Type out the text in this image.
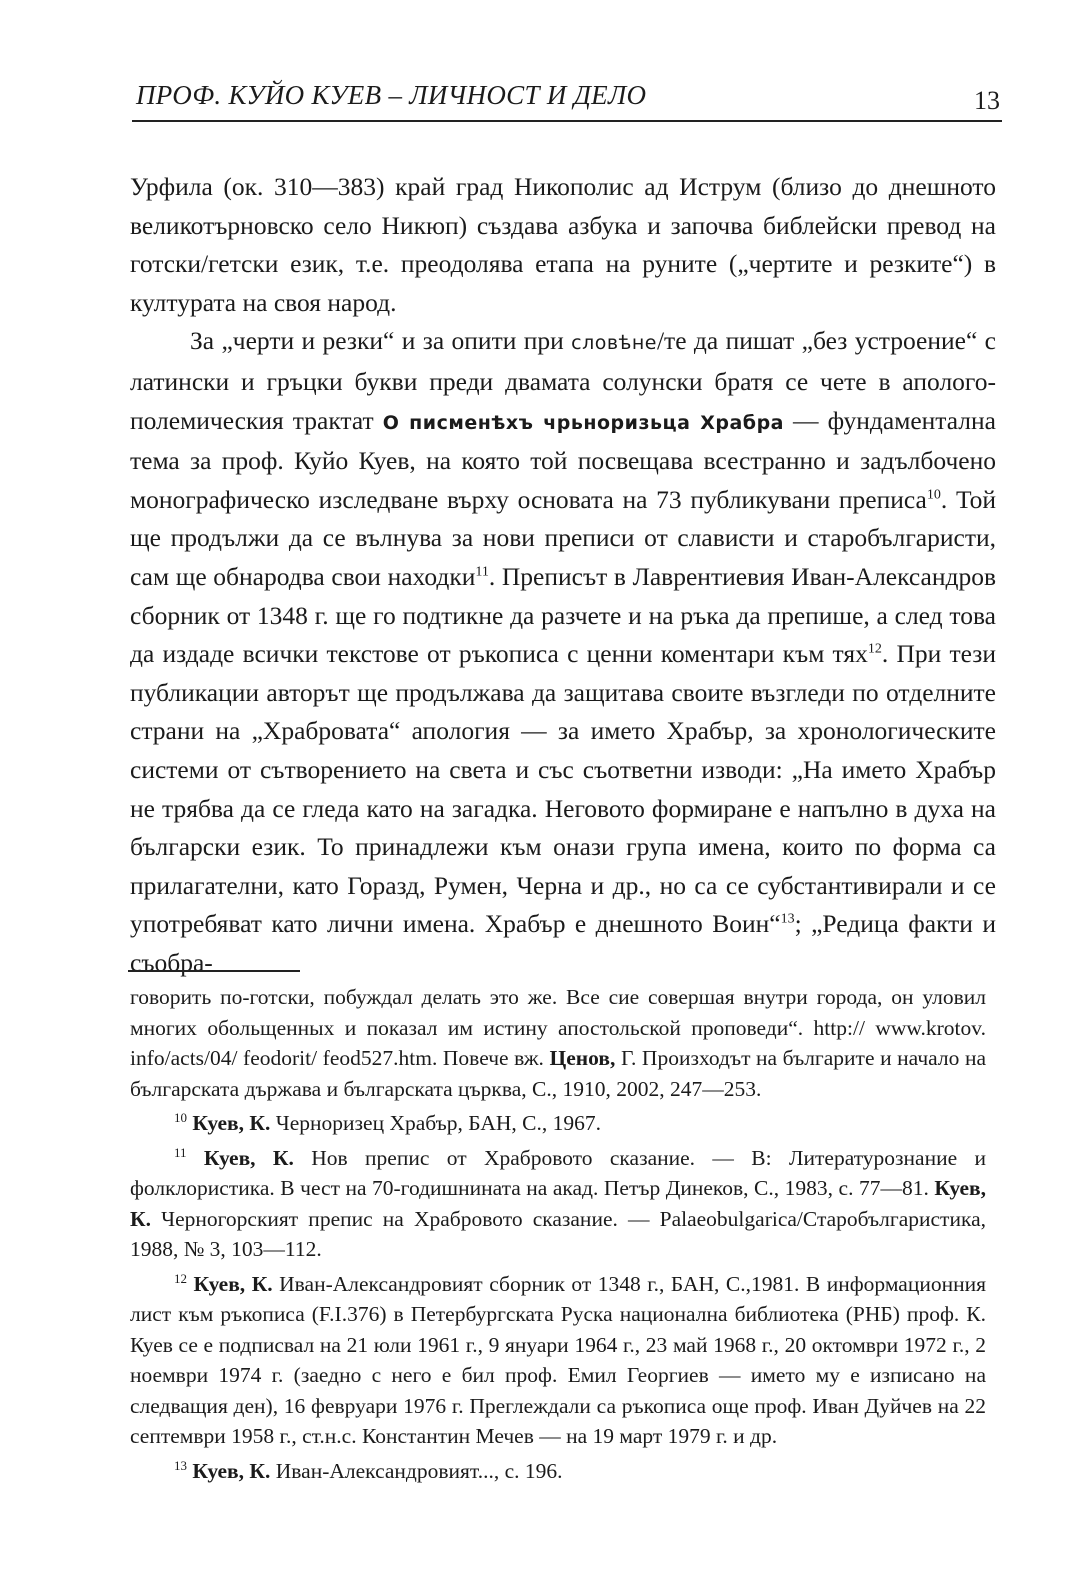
ПРОФ. КУЙО КУЕВ – ЛИЧНОСТ И ДЕЛО	13

Урфила (ок. 310—383) край град Никополис ад Иструм (близо до днешното великотърновско село Никюп) създава азбука и започва библейски превод на готски/гетски език, т.е. преодолява етапа на руните („чертите и резките“) в културата на своя народ.

За „черти и резки“ и за опити при словѣне/те да пишат „без устроение“ с латински и гръцки букви преди двамата солунски братя се чете в аполого-полемическия трактат О писменѣхъ чрьноризьца Храбра — фундаментална тема за проф. Куйо Куев, на която той посвещава всестранно и задълбочено монографическо изследване върху основата на 73 публикувани преписа$^{10}$. Той ще продължи да се вълнува за нови преписи от слависти и старобългаристи, сам ще обнародва свои находки$^{11}$. Преписът в Лаврентиевия Иван-Александров сборник от 1348 г. ще го подтикне да разчете и на ръка да препише, а след това да издаде всички текстове от ръкописа с ценни коментари към тях$^{12}$. При тези публикации авторът ще продължава да защитава своите възгледи по отделните страни на „Храбровата“ апология — за името Храбър, за хронологическите системи от сътворението на света и със съответни изводи: „На името Храбър не трябва да се гледа като на загадка. Неговото формиране е напълно в духа на български език. То принадлежи към онази група имена, които по форма са прилагателни, като Горазд, Румен, Черна и др., но са се субстантивирали и се употребяват като лични имена. Храбър е днешното Воин“$^{13}$; „Редица факти и съобра-

говорить по-готски, побуждал делать это же. Все сие совершая внутри города, он уловил многих обольщенных и показал им истину апостольской проповеди“. http:// www.krotov. info/acts/04/ feodorit/ feod527.htm. Повече вж. Ценов, Г. Произходът на българите и начало на българската държава и българската църква, С., 1910, 2002, 247—253.

$^{10}$ Куев, К. Черноризец Храбър, БАН, С., 1967.

$^{11}$ Куев, К. Нов препис от Храбровото сказание. — В: Литературознание и фолклористика. В чест на 70-годишнината на акад. Петър Динеков, С., 1983, с. 77—81. Куев, К. Черногорският препис на Храбровото сказание. — Palaeobulgarica/Старобългаристика, 1988, № 3, 103—112.

$^{12}$ Куев, К. Иван-Александровият сборник от 1348 г., БАН, С.,1981. В информационния лист към ръкописа (F.I.376) в Петербургската Руска национална библиотека (РНБ) проф. К. Куев се е подписвал на 21 юли 1961 г., 9 януари 1964 г., 23 май 1968 г., 20 октомври 1972 г., 2 ноември 1974 г. (заедно с него е бил проф. Емил Георгиев — името му е изписано на следващия ден), 16 февруари 1976 г. Преглеждали са ръкописа още проф. Иван Дуйчев на 22 септември 1958 г., ст.н.с. Константин Мечев — на 19 март 1979 г. и др.

$^{13}$ Куев, К. Иван-Александровият..., с. 196.
